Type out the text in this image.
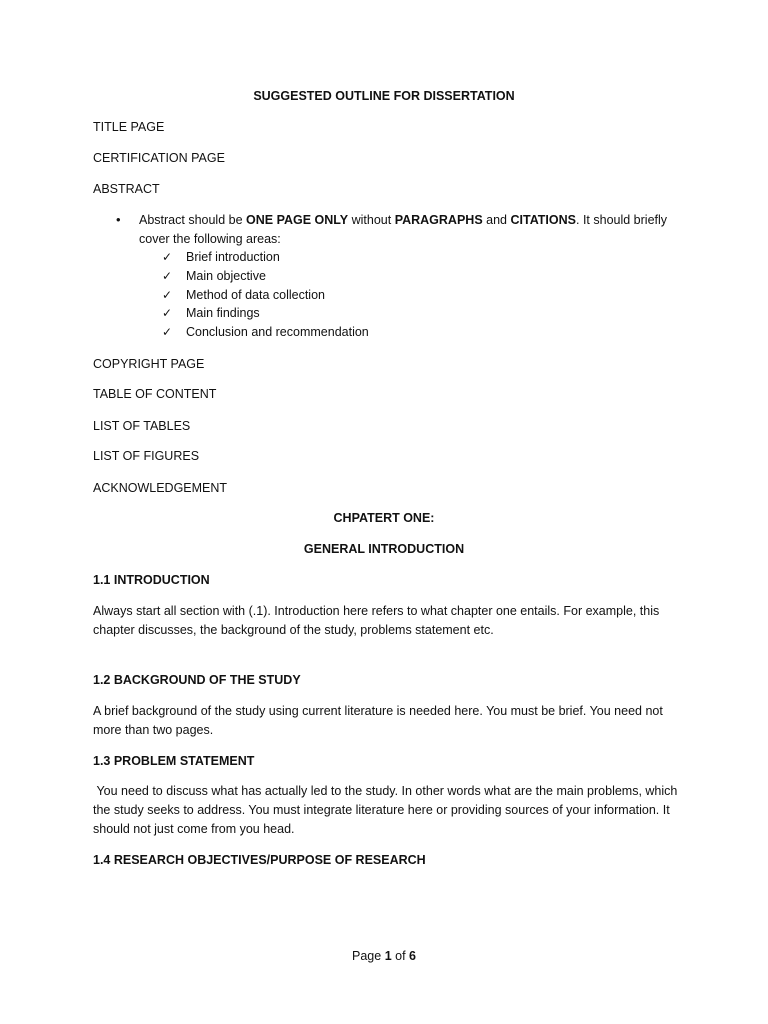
SUGGESTED OUTLINE FOR DISSERTATION
TITLE PAGE
CERTIFICATION PAGE
ABSTRACT
• Abstract should be ONE PAGE ONLY without PARAGRAPHS and CITATIONS. It should briefly
cover the following areas:
✓ Brief introduction
✓ Main objective
✓ Method of data collection
✓ Main findings
✓ Conclusion and recommendation
COPYRIGHT PAGE
TABLE OF CONTENT
LIST OF TABLES
LIST OF FIGURES
ACKNOWLEDGEMENT
CHPATERT ONE:
GENERAL INTRODUCTION
1.1 INTRODUCTION
Always start all section with (.1). Introduction here refers to what chapter one entails. For example, this chapter discusses, the background of the study, problems statement etc.
1.2 BACKGROUND OF THE STUDY
A brief background of the study using current literature is needed here. You must be brief. You need not more than two pages.
1.3 PROBLEM STATEMENT
You need to discuss what has actually led to the study. In other words what are the main problems, which the study seeks to address. You must integrate literature here or providing sources of your information. It should not just come from you head.
1.4 RESEARCH OBJECTIVES/PURPOSE OF RESEARCH
Page 1 of 6
